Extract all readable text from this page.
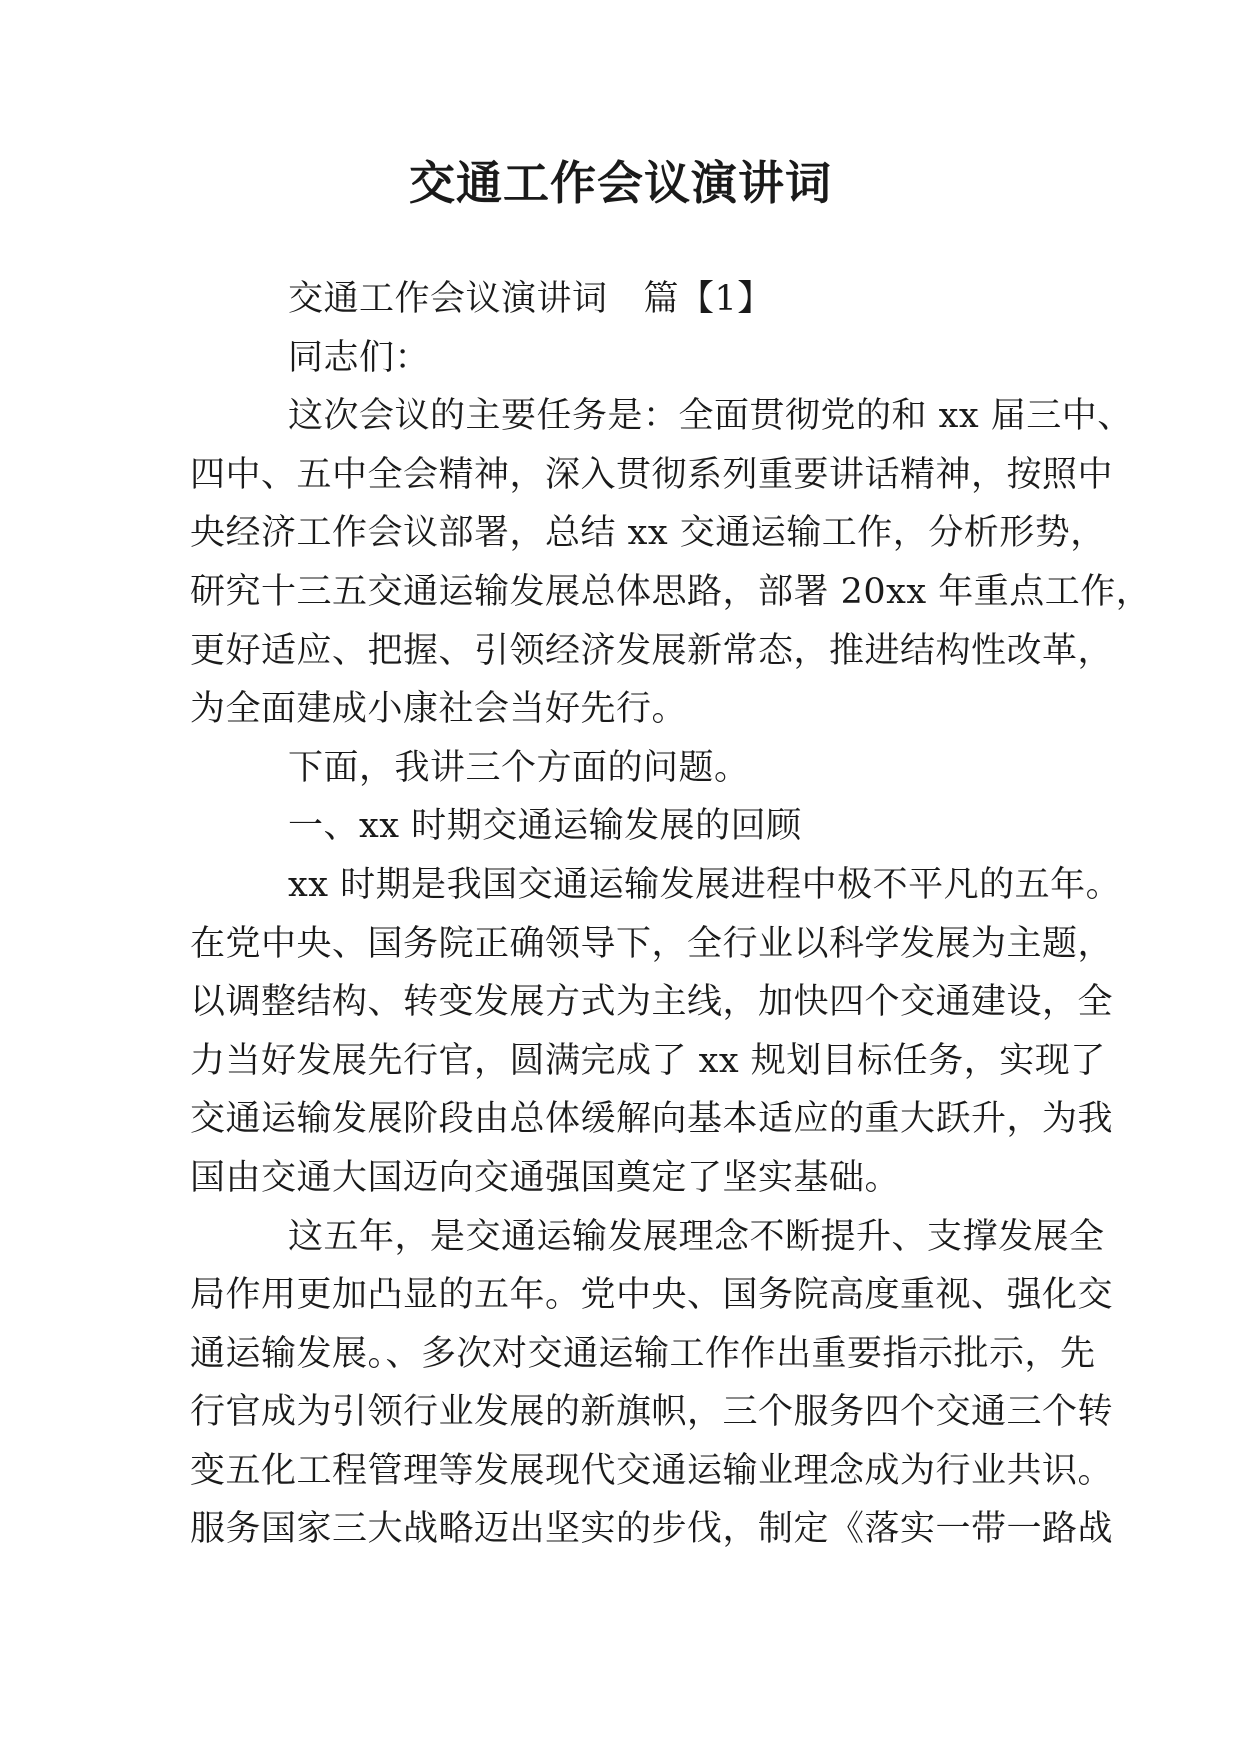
交通工作会议演讲词
交通工作会议演讲词 篇【1】
同志们：
这次会议的主要任务是：全面贯彻党的和 xx 届三中、
四中、五中全会精神，深入贯彻系列重要讲话精神，按照中
央经济工作会议部署，总结 xx 交通运输工作，分析形势，
研究十三五交通运输发展总体思路，部署 20xx 年重点工作，
更好适应、把握、引领经济发展新常态，推进结构性改革，
为全面建成小康社会当好先行。
下面，我讲三个方面的问题。
一、xx 时期交通运输发展的回顾
xx 时期是我国交通运输发展进程中极不平凡的五年。
在党中央、国务院正确领导下，全行业以科学发展为主题，
以调整结构、转变发展方式为主线，加快四个交通建设，全
力当好发展先行官，圆满完成了 xx 规划目标任务，实现了
交通运输发展阶段由总体缓解向基本适应的重大跃升，为我
国由交通大国迈向交通强国奠定了坚实基础。
这五年，是交通运输发展理念不断提升、支撑发展全
局作用更加凸显的五年。党中央、国务院高度重视、强化交
通运输发展。、多次对交通运输工作作出重要指示批示，先
行官成为引领行业发展的新旗帜，三个服务四个交通三个转
变五化工程管理等发展现代交通运输业理念成为行业共识。
服务国家三大战略迈出坚实的步伐，制定《落实一带一路战
